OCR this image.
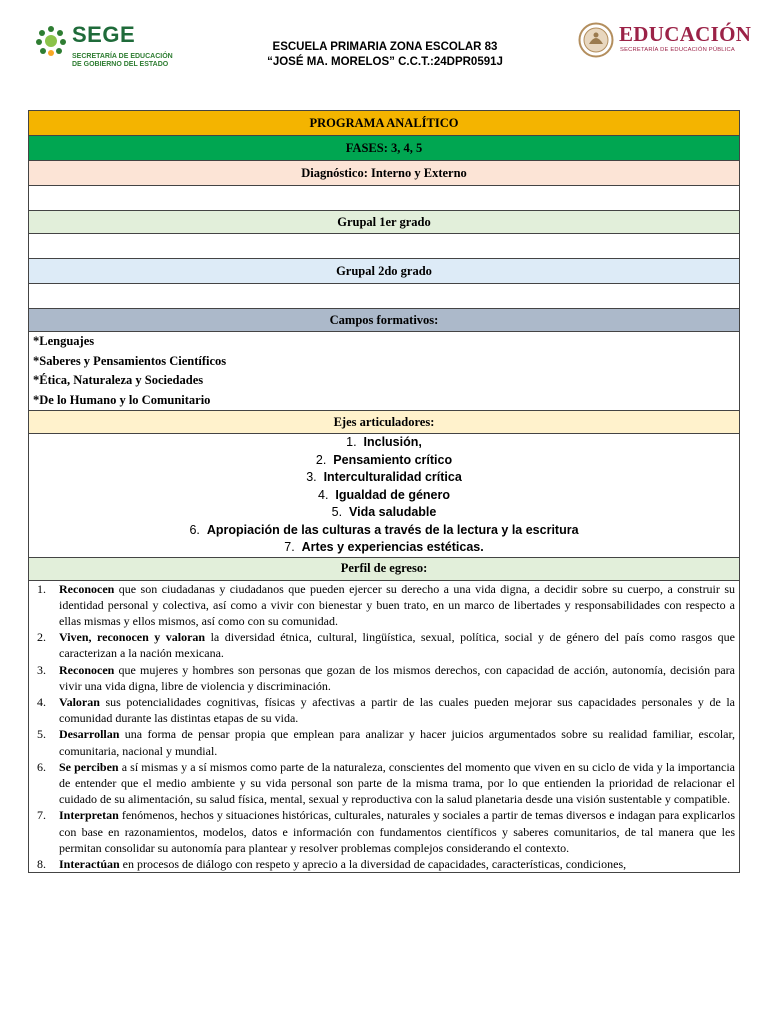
SEGE
SECRETARÍA DE EDUCACIÓN
DE GOBIERNO DEL ESTADO
ESCUELA PRIMARIA ZONA ESCOLAR 83
“JOSÉ MA. MORELOS” C.C.T.:24DPR0591J
EDUCACIÓN
SECRETARÍA DE EDUCACIÓN PÚBLICA
PROGRAMA ANALÍTICO
FASES: 3, 4, 5
Diagnóstico: Interno y Externo

Grupal 1er grado

Grupal 2do grado

Campos formativos:

*Lenguajes
*Saberes y Pensamientos Científicos
*Ética, Naturaleza y Sociedades
*De lo Humano y lo Comunitario

Ejes articuladores:

1. Inclusión,
2. Pensamiento crítico
3. Interculturalidad crítica
4. Igualdad de género
5. Vida saludable
6. Apropiación de las culturas a través de la lectura y la escritura
7. Artes y experiencias estéticas.

Perfil de egreso:

1. Reconocen que son ciudadanas y ciudadanos que pueden ejercer su derecho a una vida digna, a decidir sobre su cuerpo, a construir su identidad personal y colectiva, así como a vivir con bienestar y buen trato, en un marco de libertades y responsabilidades con respecto a ellas mismas y ellos mismos, así como con su comunidad.
2. Viven, reconocen y valoran la diversidad étnica, cultural, lingüística, sexual, política, social y de género del país como rasgos que caracterizan a la nación mexicana.
3. Reconocen que mujeres y hombres son personas que gozan de los mismos derechos, con capacidad de acción, autonomía, decisión para vivir una vida digna, libre de violencia y discriminación.
4. Valoran sus potencialidades cognitivas, físicas y afectivas a partir de las cuales pueden mejorar sus capacidades personales y de la comunidad durante las distintas etapas de su vida.
5. Desarrollan una forma de pensar propia que emplean para analizar y hacer juicios argumentados sobre su realidad familiar, escolar, comunitaria, nacional y mundial.
6. Se perciben a sí mismas y a sí mismos como parte de la naturaleza, conscientes del momento que viven en su ciclo de vida y la importancia de entender que el medio ambiente y su vida personal son parte de la misma trama, por lo que entienden la prioridad de relacionar el cuidado de su alimentación, su salud física, mental, sexual y reproductiva con la salud planetaria desde una visión sustentable y compatible.
7. Interpretan fenómenos, hechos y situaciones históricas, culturales, naturales y sociales a partir de temas diversos e indagan para explicarlos con base en razonamientos, modelos, datos e información con fundamentos científicos y saberes comunitarios, de tal manera que les permitan consolidar su autonomía para plantear y resolver problemas complejos considerando el contexto.
8. Interactúan en procesos de diálogo con respeto y aprecio a la diversidad de capacidades, características, condiciones,
